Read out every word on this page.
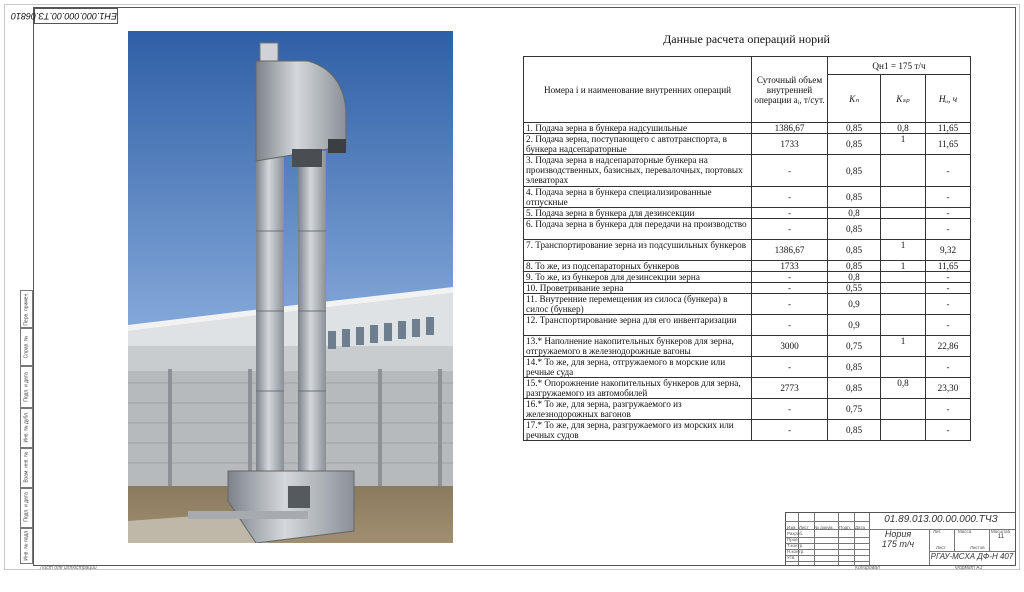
ЕН1.000.000.00.ТЗ.06810
Перв. примен.
Справ. №
Подп. и дата
Инв. № дубл.
Взам. инв. №
Подп. и дата
Инв. № подл.
Данные расчета операций норий
Номера i и наименование внутренних операций	Суточный объем внутренней операции aᵢ, т/сут.	Qн1 = 175 т/ч		
		Kₙ	Kₛₚ	Hᵤ, ч
1. Подача зерна в бункера надсушильные	1386,67	0,85	0,8	11,65
2. Подача зерна, поступающего с автотранспорта, в бункера надсепараторные	1733	0,85	1	11,65
3. Подача зерна в надсепараторные бункера на производственных, базисных, перевалочных, портовых элеваторах	-	0,85		-
4. Подача зерна в бункера специализированные отпускные	-	0,85		-
5. Подача зерна в бункера для дезинсекции	-	0,8		-
6. Подача зерна в бункера для передачи на производство	-	0,85		-
7. Транспортирование зерна из подсушильных бункеров	1386,67	0,85	1	9,32
8. То же, из подсепараторных бункеров	1733	0,85	1	11,65
9. То же, из бункеров для дезинсекции зерна	-	0,8		-
10. Проветривание зерна	-	0,55		-
11. Внутренние перемещения из силоса (бункера) в силос (бункер)	-	0,9		-
12. Транспортирование зерна для его инвентаризации	-	0,9		-
13.* Наполнение накопительных бункеров для зерна, отгружаемого в железнодорожные вагоны	3000	0,75	1	22,86
14.* То же, для зерна, отгружаемого в морские или речные суда	-	0,85		-
15.* Опорожнение накопительных бункеров для зерна, разгружаемого из автомобилей	2773	0,85	0,8	23,30
16.* То же, для зерна, разгружаемого из железнодорожных вагонов	-	0,75		-
17.* То же, для зерна, разгружаемого из морских или речных судов	-	0,85		-
Изм. Лист № докум. Подп. Дата
Разраб.
Пров.
Т.контр.
Н.контр.
Утв.
Лит.	Масса	Масштаб
Лист	Листов
01.89.013.00.00.000.ТЧЗ
Нория
175 т/ч
11
РГАУ-МСХА ДФ-Н 407
Лист для иллюстраций	Копировал	Формат А3
